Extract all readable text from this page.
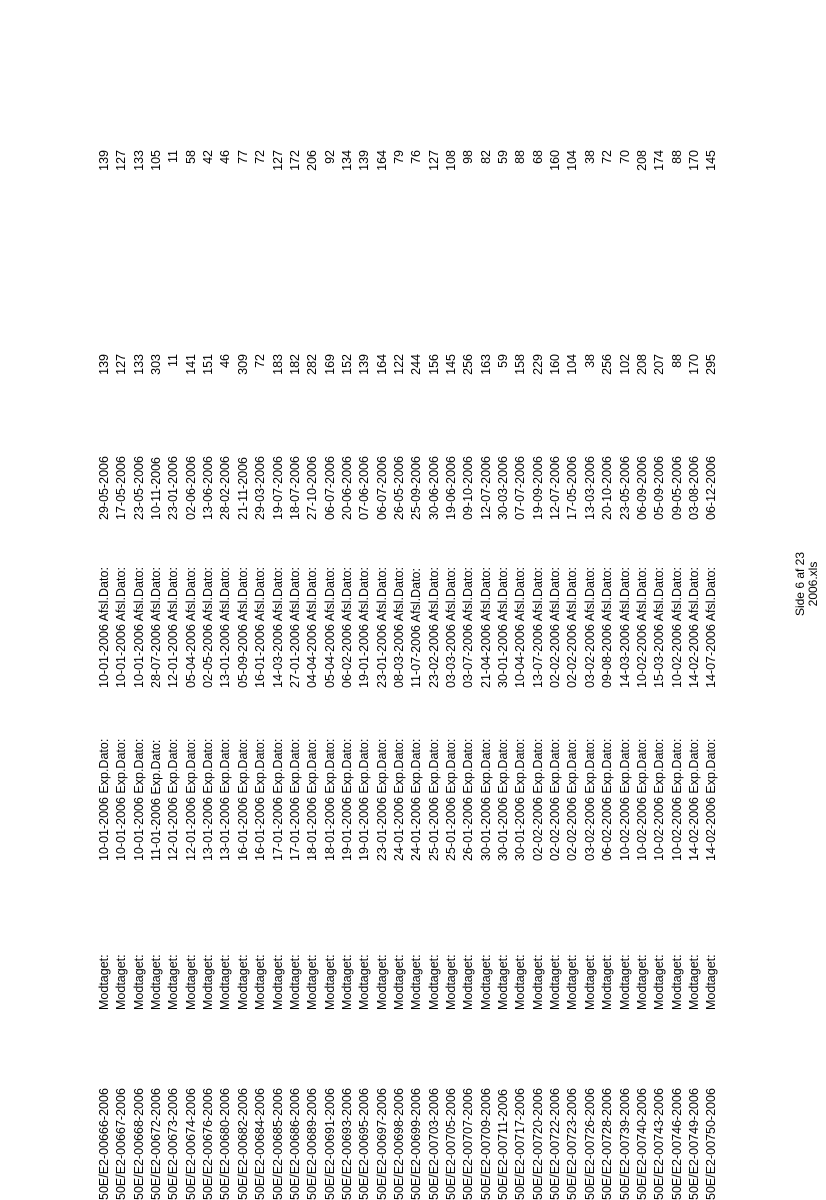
2006.xls
Side 6 af 23
50E/E2-00666-2006
Modtaget:
10-01-2006 Exp.Dato:
10-01-2006 Afsl.Dato:
29-05-2006
139
139
50E/E2-00667-2006
Modtaget:
10-01-2006 Exp.Dato:
10-01-2006 Afsl.Dato:
17-05-2006
127
127
50E/E2-00668-2006
Modtaget:
10-01-2006 Exp.Dato:
10-01-2006 Afsl.Dato:
23-05-2006
133
133
50E/E2-00672-2006
Modtaget:
11-01-2006 Exp.Dato:
28-07-2006 Afsl.Dato:
10-11-2006
303
105
50E/E2-00673-2006
Modtaget:
12-01-2006 Exp.Dato:
12-01-2006 Afsl.Dato:
23-01-2006
11
11
50E/E2-00674-2006
Modtaget:
12-01-2006 Exp.Dato:
05-04-2006 Afsl.Dato:
02-06-2006
141
58
50E/E2-00676-2006
Modtaget:
13-01-2006 Exp.Dato:
02-05-2006 Afsl.Dato:
13-06-2006
151
42
50E/E2-00680-2006
Modtaget:
13-01-2006 Exp.Dato:
13-01-2006 Afsl.Dato:
28-02-2006
46
46
50E/E2-00682-2006
Modtaget:
16-01-2006 Exp.Dato:
05-09-2006 Afsl.Dato:
21-11-2006
309
77
50E/E2-00684-2006
Modtaget:
16-01-2006 Exp.Dato:
16-01-2006 Afsl.Dato:
29-03-2006
72
72
50E/E2-00685-2006
Modtaget:
17-01-2006 Exp.Dato:
14-03-2006 Afsl.Dato:
19-07-2006
183
127
50E/E2-00686-2006
Modtaget:
17-01-2006 Exp.Dato:
27-01-2006 Afsl.Dato:
18-07-2006
182
172
50E/E2-00689-2006
Modtaget:
18-01-2006 Exp.Dato:
04-04-2006 Afsl.Dato:
27-10-2006
282
206
50E/E2-00691-2006
Modtaget:
18-01-2006 Exp.Dato:
05-04-2006 Afsl.Dato:
06-07-2006
169
92
50E/E2-00693-2006
Modtaget:
19-01-2006 Exp.Dato:
06-02-2006 Afsl.Dato:
20-06-2006
152
134
50E/E2-00695-2006
Modtaget:
19-01-2006 Exp.Dato:
19-01-2006 Afsl.Dato:
07-06-2006
139
139
50E/E2-00697-2006
Modtaget:
23-01-2006 Exp.Dato:
23-01-2006 Afsl.Dato:
06-07-2006
164
164
50E/E2-00698-2006
Modtaget:
24-01-2006 Exp.Dato:
08-03-2006 Afsl.Dato:
26-05-2006
122
79
50E/E2-00699-2006
Modtaget:
24-01-2006 Exp.Dato:
11-07-2006 Afsl.Dato:
25-09-2006
244
76
50E/E2-00703-2006
Modtaget:
25-01-2006 Exp.Dato:
23-02-2006 Afsl.Dato:
30-06-2006
156
127
50E/E2-00705-2006
Modtaget:
25-01-2006 Exp.Dato:
03-03-2006 Afsl.Dato:
19-06-2006
145
108
50E/E2-00707-2006
Modtaget:
26-01-2006 Exp.Dato:
03-07-2006 Afsl.Dato:
09-10-2006
256
98
50E/E2-00709-2006
Modtaget:
30-01-2006 Exp.Dato:
21-04-2006 Afsl.Dato:
12-07-2006
163
82
50E/E2-00711-2006
Modtaget:
30-01-2006 Exp.Dato:
30-01-2006 Afsl.Dato:
30-03-2006
59
59
50E/E2-00717-2006
Modtaget:
30-01-2006 Exp.Dato:
10-04-2006 Afsl.Dato:
07-07-2006
158
88
50E/E2-00720-2006
Modtaget:
02-02-2006 Exp.Dato:
13-07-2006 Afsl.Dato:
19-09-2006
229
68
50E/E2-00722-2006
Modtaget:
02-02-2006 Exp.Dato:
02-02-2006 Afsl.Dato:
12-07-2006
160
160
50E/E2-00723-2006
Modtaget:
02-02-2006 Exp.Dato:
02-02-2006 Afsl.Dato:
17-05-2006
104
104
50E/E2-00726-2006
Modtaget:
03-02-2006 Exp.Dato:
03-02-2006 Afsl.Dato:
13-03-2006
38
38
50E/E2-00728-2006
Modtaget:
06-02-2006 Exp.Dato:
09-08-2006 Afsl.Dato:
20-10-2006
256
72
50E/E2-00739-2006
Modtaget:
10-02-2006 Exp.Dato:
14-03-2006 Afsl.Dato:
23-05-2006
102
70
50E/E2-00740-2006
Modtaget:
10-02-2006 Exp.Dato:
10-02-2006 Afsl.Dato:
06-09-2006
208
208
50E/E2-00743-2006
Modtaget:
10-02-2006 Exp.Dato:
15-03-2006 Afsl.Dato:
05-09-2006
207
174
50E/E2-00746-2006
Modtaget:
10-02-2006 Exp.Dato:
10-02-2006 Afsl.Dato:
09-05-2006
88
88
50E/E2-00749-2006
Modtaget:
14-02-2006 Exp.Dato:
14-02-2006 Afsl.Dato:
03-08-2006
170
170
50E/E2-00750-2006
Modtaget:
14-02-2006 Exp.Dato:
14-07-2006 Afsl.Dato:
06-12-2006
295
145
